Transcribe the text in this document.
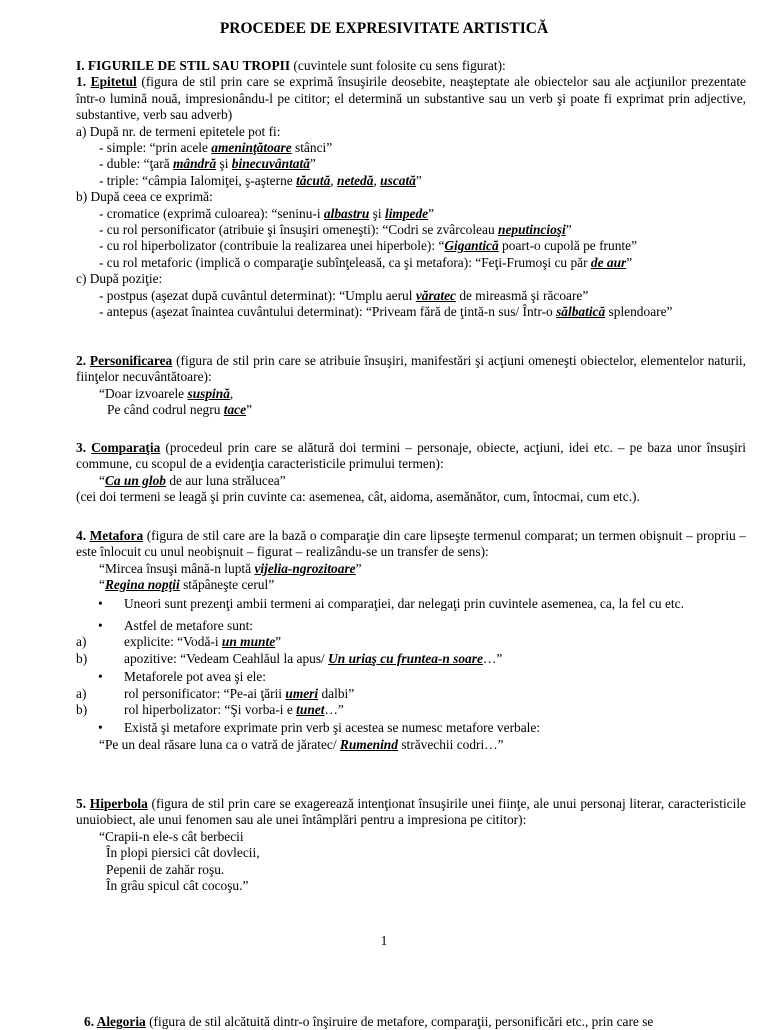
PROCEDEE DE EXPRESIVITATE ARTISTICĂ
I. FIGURILE DE STIL SAU TROPII (cuvintele sunt folosite cu sens figurat):
1. Epitetul (figura de stil prin care se exprimă însuşirile deosebite, neaşteptate ale obiectelor sau ale acţiunilor prezentate într-o lumină nouă, impresionându-l pe cititor; el determină un substantive sau un verb şi poate fi exprimat prin adjective, substantive, verb sau adverb)
a) După nr. de termeni epitetele pot fi:
- simple: “prin acele ameninţătoare stânci”
- duble: “ţară mândră şi binecuvântată”
- triple: “câmpia Ialomiţei, ş-aşterne tăcută, netedă, uscată”
b) După ceea ce exprimă:
- cromatice (exprimă culoarea): “seninu-i albastru şi limpede”
- cu rol personificator (atribuie şi însuşiri omeneşti): “Codri se zvârcoleau neputincioşi”
- cu rol hiperbolizator (contribuie la realizarea unei hiperbole): “Gigantică poart-o cupolă pe frunte”
- cu rol metaforic (implică o comparaţie subînţeleasă, ca şi metafora): “Feţi-Frumoşi cu păr de aur”
c) După poziţie:
- postpus (aşezat după cuvântul determinat): “Umplu aerul văratec de mireasmă şi răcoare”
- antepus (aşezat înaintea cuvântului determinat): “Priveam fără de ţintă-n sus/ Într-o sălbatică splendoare”
2. Personificarea (figura de stil prin care se atribuie însuşiri, manifestări şi acţiuni omeneşti obiectelor, elementelor naturii, fiinţelor necuvântătoare):
“Doar izvoarele suspină,
Pe când codrul negru tace”
3. Comparaţia (procedeul prin care se alătură doi termini – personaje, obiecte, acţiuni, idei etc. – pe baza unor însuşiri commune, cu scopul de a evidenţia caracteristicile primului termen):
“Ca un glob de aur luna strălucea”
(cei doi termeni se leagă şi prin cuvinte ca: asemenea, cât, aidoma, asemănător, cum, întocmai, cum etc.).
4. Metafora (figura de stil care are la bază o comparaţie din care lipseşte termenul comparat; un termen obişnuit – propriu – este înlocuit cu unul neobişnuit – figurat – realizându-se un transfer de sens):
“Mircea însuşi mână-n luptă vijelia-ngrozitoare”
“Regina nopţii stăpâneşte cerul”
• Uneori sunt prezenţi ambii termeni ai comparaţiei, dar nelegaţi prin cuvintele asemenea, ca, la fel cu etc.
• Astfel de metafore sunt:
a)	explicite: “Vodă-i un munte”
b)	apozitive: “Vedeam Ceahlăul la apus/ Un uriaş cu fruntea-n soare…”
• Metaforele pot avea şi ele:
a)	rol personificator: “Pe-ai ţării umeri dalbi”
b)	rol hiperbolizator: “Şi vorba-i e tunet…”
• Există şi metafore exprimate prin verb şi acestea se numesc metafore verbale:
“Pe un deal răsare luna ca o vatră de jăratec/ Rumenind străvechii codri…”
5. Hiperbola (figura de stil prin care se exagerează intenţionat însuşirile unei fiinţe, ale unui personaj literar, caracteristicile unuiobiect, ale unui fenomen sau ale unei întâmplări pentru a impresiona pe cititor):
“Crapii-n ele-s cât berbecii
În plopi piersici cât dovlecii,
Pepenii de zahăr roşu.
În grâu spicul cât cocoşu.”
1
6. Alegoria (figura de stil alcătuită dintr-o înşiruire de metafore, comparaţii, personificări etc., prin care se
